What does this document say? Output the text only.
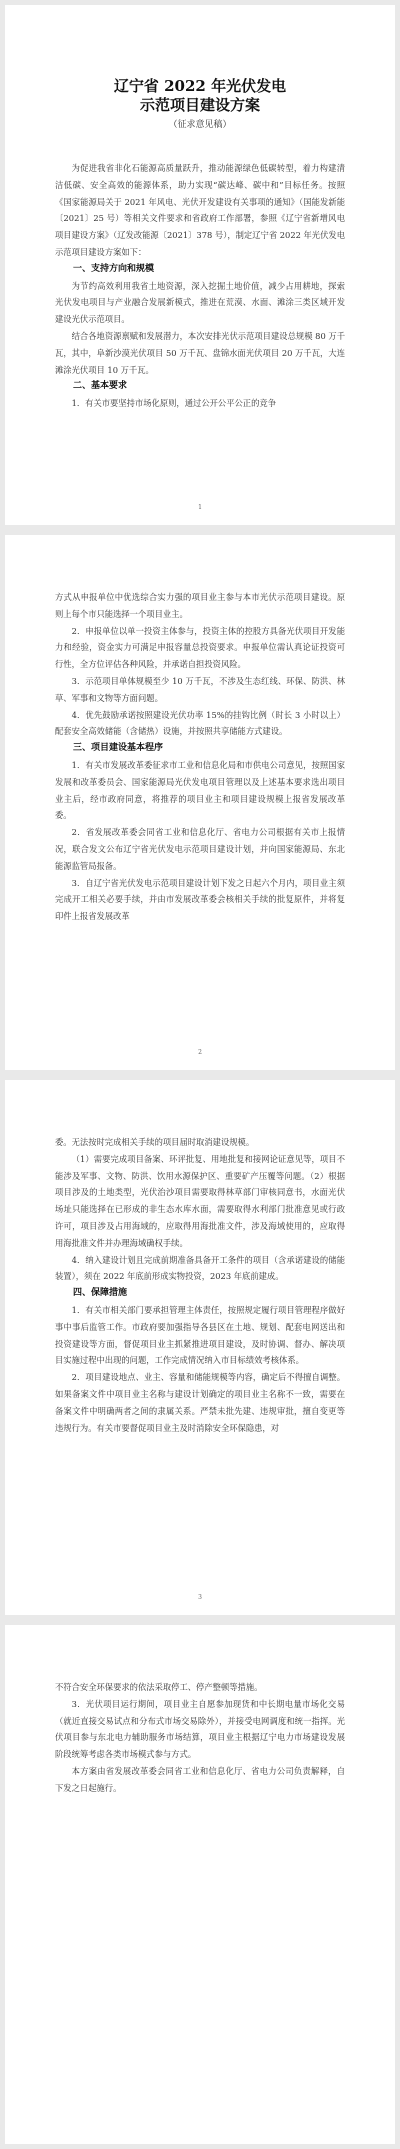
辽宁省 2022 年光伏发电
示范项目建设方案
（征求意见稿）

为促进我省非化石能源高质量跃升，推动能源绿色低碳转型，着力构建清洁低碳、安全高效的能源体系，助力实现“碳达峰、碳中和”目标任务。按照《国家能源局关于 2021 年风电、光伏开发建设有关事项的通知》（国能发新能〔2021〕25 号）等相关文件要求和省政府工作部署，参照《辽宁省新增风电项目建设方案》（辽发改能源〔2021〕378 号），制定辽宁省 2022 年光伏发电示范项目建设方案如下：

一、支持方向和规模

为节约高效利用我省土地资源，深入挖掘土地价值，减少占用耕地，探索光伏发电项目与产业融合发展新模式，推进在荒漠、水面、滩涂三类区域开发建设光伏示范项目。

结合各地资源禀赋和发展潜力，本次安排光伏示范项目建设总规模 80 万千瓦，其中，阜新沙漠光伏项目 50 万千瓦、盘锦水面光伏项目 20 万千瓦，大连滩涂光伏项目 10 万千瓦。

二、基本要求

1．有关市要坚持市场化原则，通过公开公平公正的竞争

1

方式从申报单位中优选综合实力强的项目业主参与本市光伏示范项目建设。原则上每个市只能选择一个项目业主。

2．申报单位以单一投资主体参与，投资主体的控股方具备光伏项目开发能力和经验，资金实力可满足申报容量总投资要求。申报单位需认真论证投资可行性，全方位评估各种风险，并承诺自担投资风险。

3．示范项目单体规模至少 10 万千瓦，不涉及生态红线、环保、防洪、林草、军事和文物等方面问题。

4．优先鼓励承诺按照建设光伏功率 15%的挂钩比例（时长 3 小时以上）配套安全高效储能（含储热）设施，并按照共享储能方式建设。

三、项目建设基本程序

1．有关市发展改革委征求市工业和信息化局和市供电公司意见，按照国家发展和改革委员会、国家能源局光伏发电项目管理以及上述基本要求选出项目业主后，经市政府同意，将推荐的项目业主和项目建设规模上报省发展改革委。

2．省发展改革委会同省工业和信息化厅、省电力公司根据有关市上报情况，联合发文公布辽宁省光伏发电示范项目建设计划，并向国家能源局、东北能源监管局报备。

3．自辽宁省光伏发电示范项目建设计划下发之日起六个月内，项目业主须完成开工相关必要手续，并由市发展改革委会核相关手续的批复原件，并将复印件上报省发展改革

2

委。无法按时完成相关手续的项目届时取消建设规模。

（1）需要完成项目备案、环评批复、用地批复和接网论证意见等，项目不能涉及军事、文物、防洪、饮用水源保护区、重要矿产压覆等问题。（2）根据项目涉及的土地类型，光伏治沙项目需要取得林草部门审核同意书，水面光伏场址只能选择在已形成的非生态水库水面，需要取得水利部门批准意见或行政许可，项目涉及占用海域的，应取得用海批准文件，涉及海域使用的，应取得用海批准文件并办理海域确权手续。

4．纳入建设计划且完成前期准备具备开工条件的项目（含承诺建设的储能装置），须在 2022 年底前形成实物投资，2023 年底前建成。

四、保障措施

1．有关市相关部门要承担管理主体责任，按照规定履行项目管理程序做好事中事后监管工作。市政府要加强指导各县区在土地、规划、配套电网送出和投资建设等方面，督促项目业主抓紧推进项目建设，及时协调、督办、解决项目实施过程中出现的问题，工作完成情况纳入市目标绩效考核体系。

2．项目建设地点、业主、容量和储能规模等内容，确定后不得擅自调整。如果备案文件中项目业主名称与建设计划确定的项目业主名称不一致，需要在备案文件中明确两者之间的隶属关系。严禁未批先建、违规审批，擅自变更等违规行为。有关市要督促项目业主及时消除安全环保隐患，对

3

不符合安全环保要求的依法采取停工、停产整顿等措施。

3．光伏项目运行期间，项目业主自愿参加现货和中长期电量市场化交易（就近直接交易试点和分布式市场交易除外），并接受电网调度和统一指挥。光伏项目参与东北电力辅助服务市场结算，项目业主根据辽宁电力市场建设发展阶段统筹考虑各类市场模式参与方式。

本方案由省发展改革委会同省工业和信息化厅、省电力公司负责解释，自下发之日起施行。
